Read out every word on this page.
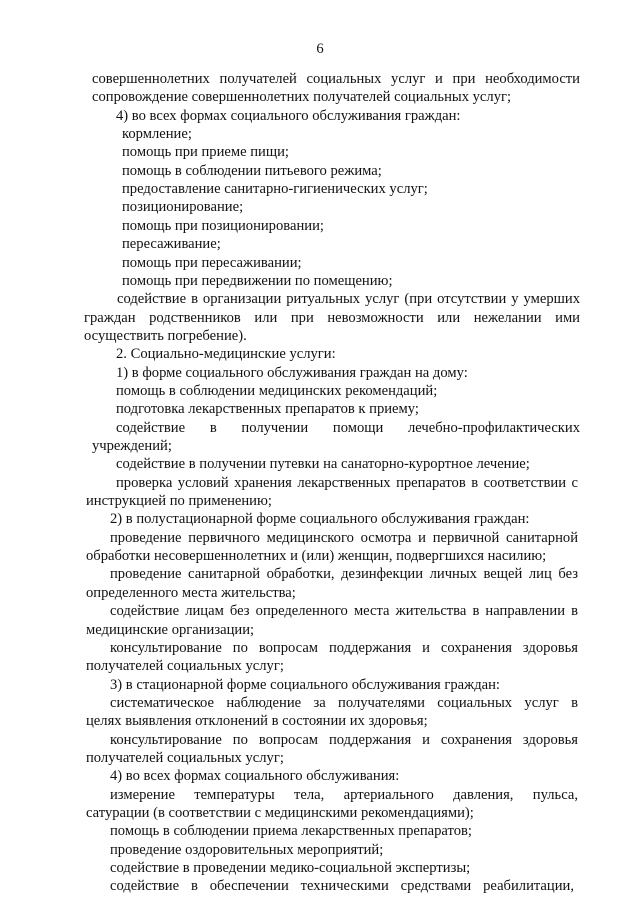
6
совершеннолетних получателей социальных услуг и при необходимости
сопровождение совершеннолетних получателей социальных услуг;
4) во всех формах социального обслуживания граждан:
кормление;
помощь при приеме пищи;
помощь в соблюдении питьевого режима;
предоставление санитарно-гигиенических услуг;
позиционирование;
помощь при позиционировании;
пересаживание;
помощь при пересаживании;
помощь при передвижении по помещению;
содействие в организации ритуальных услуг (при отсутствии у умерших
граждан родственников или при невозможности или нежелании ими
осуществить погребение).
2. Социально-медицинские услуги:
1) в форме социального обслуживания граждан на дому:
помощь в соблюдении медицинских рекомендаций;
подготовка лекарственных препаратов к приему;
содействие в получении помощи лечебно-профилактических
учреждений;
содействие в получении путевки на санаторно-курортное лечение;
проверка условий хранения лекарственных препаратов в соответствии с
инструкцией по применению;
2) в полустационарной форме социального обслуживания граждан:
проведение первичного медицинского осмотра и первичной санитарной
обработки несовершеннолетних и (или) женщин, подвергшихся насилию;
проведение санитарной обработки, дезинфекции личных вещей лиц без
определенного места жительства;
содействие лицам без определенного места жительства в направлении в
медицинские организации;
консультирование по вопросам поддержания и сохранения здоровья
получателей социальных услуг;
3) в стационарной форме социального обслуживания граждан:
систематическое наблюдение за получателями социальных услуг в
целях выявления отклонений в состоянии их здоровья;
консультирование по вопросам поддержания и сохранения здоровья
получателей социальных услуг;
4) во всех формах социального обслуживания:
измерение температуры тела, артериального давления, пульса,
сатурации (в соответствии с медицинскими рекомендациями);
помощь в соблюдении приема лекарственных препаратов;
проведение оздоровительных мероприятий;
содействие в проведении медико-социальной экспертизы;
содействие в обеспечении техническими средствами реабилитации,
